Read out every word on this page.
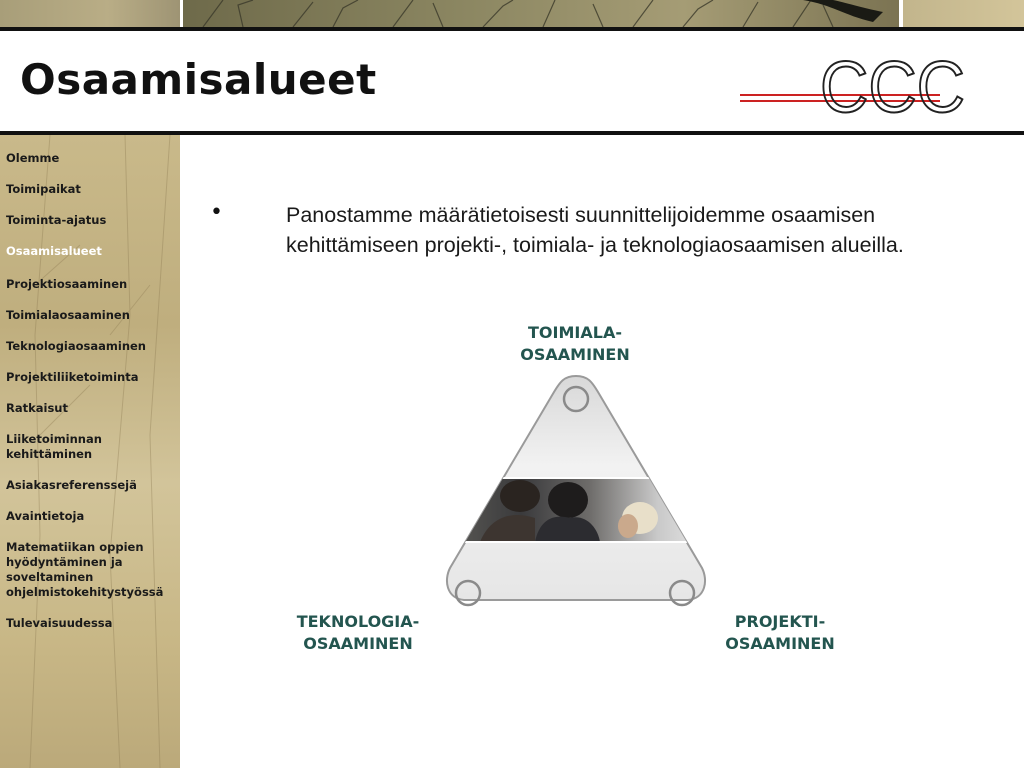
Osaamisalueet	CCC
Olemme
Toimipaikat
Toiminta-ajatus
Osaamisalueet
Projektiosaaminen
Toimialaosaaminen
Teknologiaosaaminen
Projektiliiketoiminta
Ratkaisut
Liiketoiminnan kehittäminen
Asiakasreferenssejä
Avaintietoja
Matematiikan oppien hyödyntäminen ja soveltaminen ohjelmistokehitystyössä
Tulevaisuudessa
•	Panostamme määrätietoisesti suunnittelijoidemme osaamisen kehittämiseen projekti-, toimiala- ja teknologiaosaamisen alueilla.

TOIMIALA-
OSAAMINEN
TEKNOLOGIA-
OSAAMINEN
PROJEKTI-
OSAAMINEN
